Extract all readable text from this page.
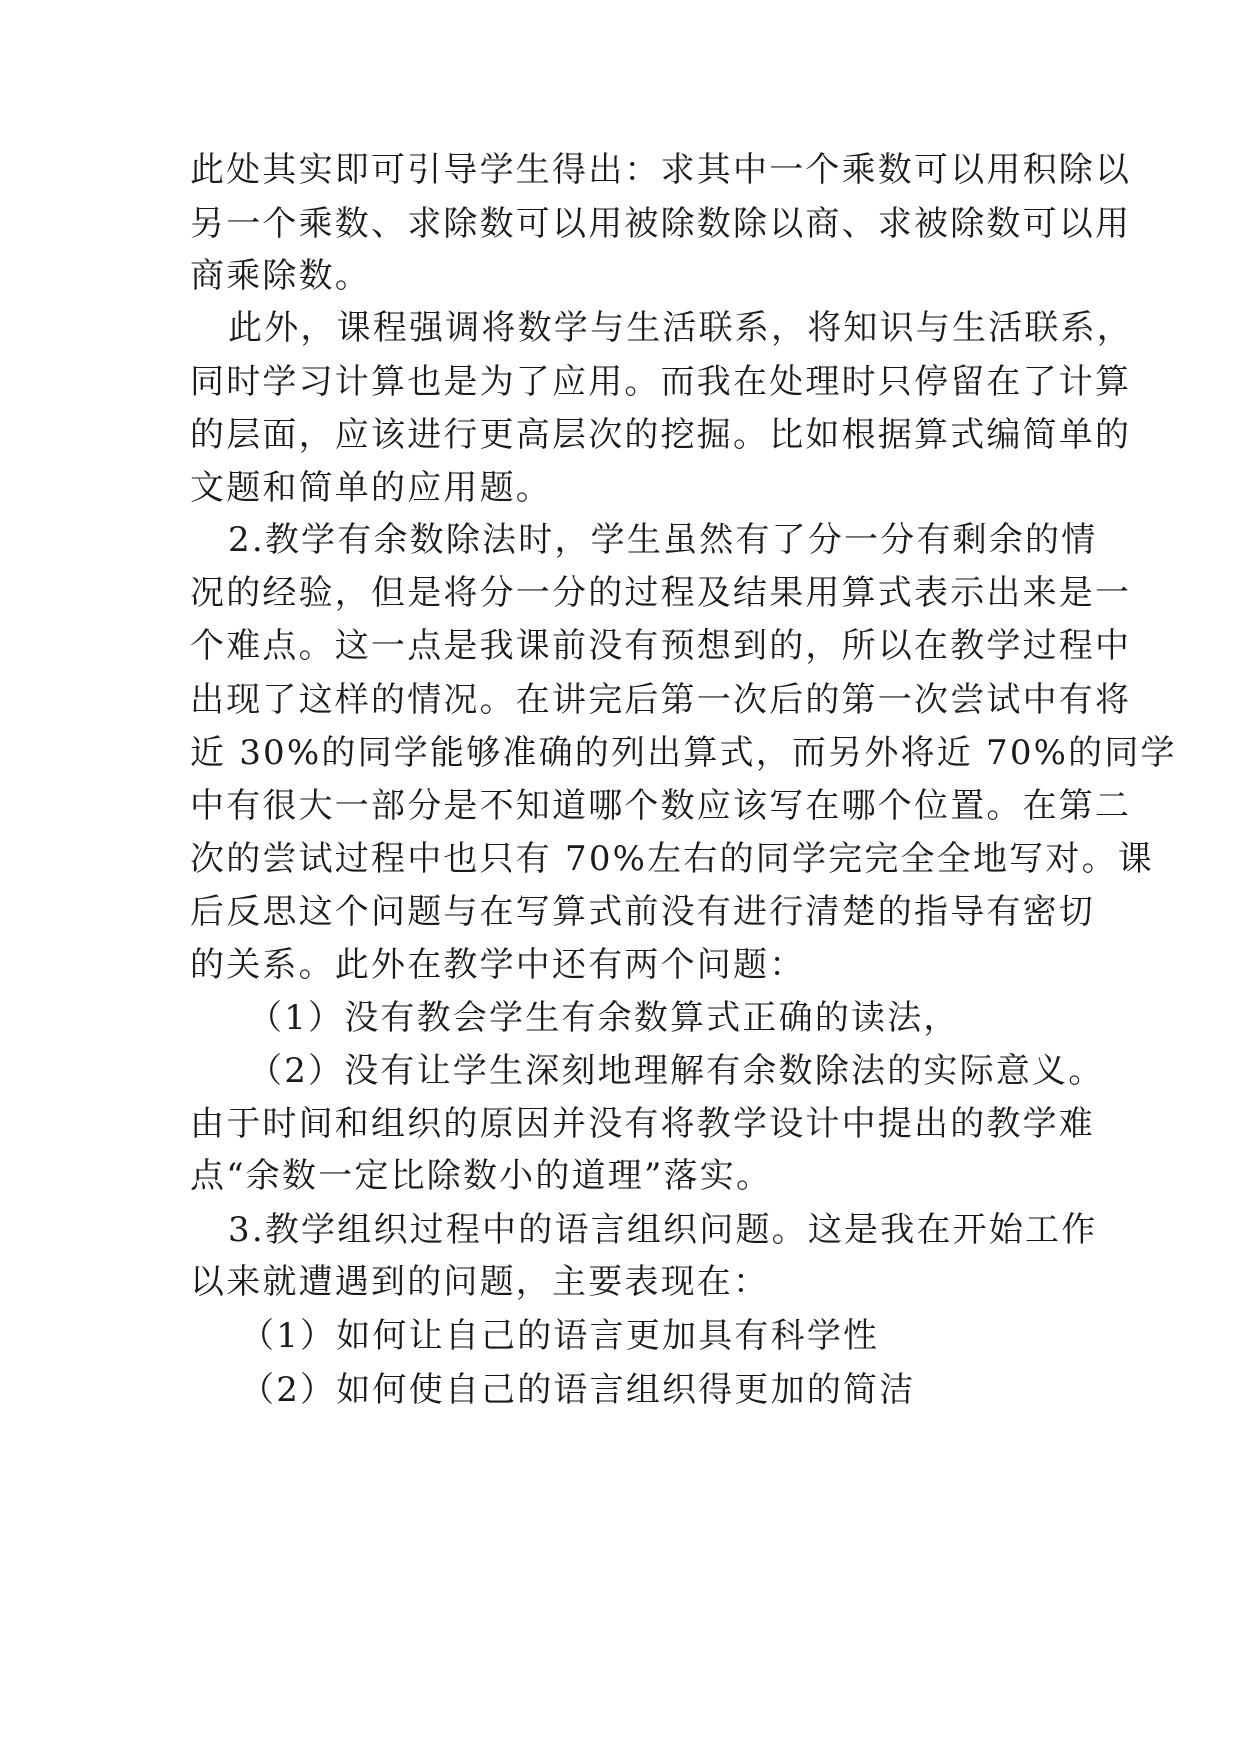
此处其实即可引导学生得出：求其中一个乘数可以用积除以
另一个乘数、求除数可以用被除数除以商、求被除数可以用
商乘除数。
此外，课程强调将数学与生活联系，将知识与生活联系，
同时学习计算也是为了应用。而我在处理时只停留在了计算
的层面，应该进行更高层次的挖掘。比如根据算式编简单的
文题和简单的应用题。
2.教学有余数除法时，学生虽然有了分一分有剩余的情
况的经验，但是将分一分的过程及结果用算式表示出来是一
个难点。这一点是我课前没有预想到的，所以在教学过程中
出现了这样的情况。在讲完后第一次后的第一次尝试中有将
近 30%的同学能够准确的列出算式，而另外将近 70%的同学
中有很大一部分是不知道哪个数应该写在哪个位置。在第二
次的尝试过程中也只有 70%左右的同学完完全全地写对。课
后反思这个问题与在写算式前没有进行清楚的指导有密切
的关系。此外在教学中还有两个问题：
（1）没有教会学生有余数算式正确的读法，
（2）没有让学生深刻地理解有余数除法的实际意义。
由于时间和组织的原因并没有将教学设计中提出的教学难
点“余数一定比除数小的道理”落实。
3.教学组织过程中的语言组织问题。这是我在开始工作
以来就遭遇到的问题，主要表现在：
（1）如何让自己的语言更加具有科学性
（2）如何使自己的语言组织得更加的简洁
